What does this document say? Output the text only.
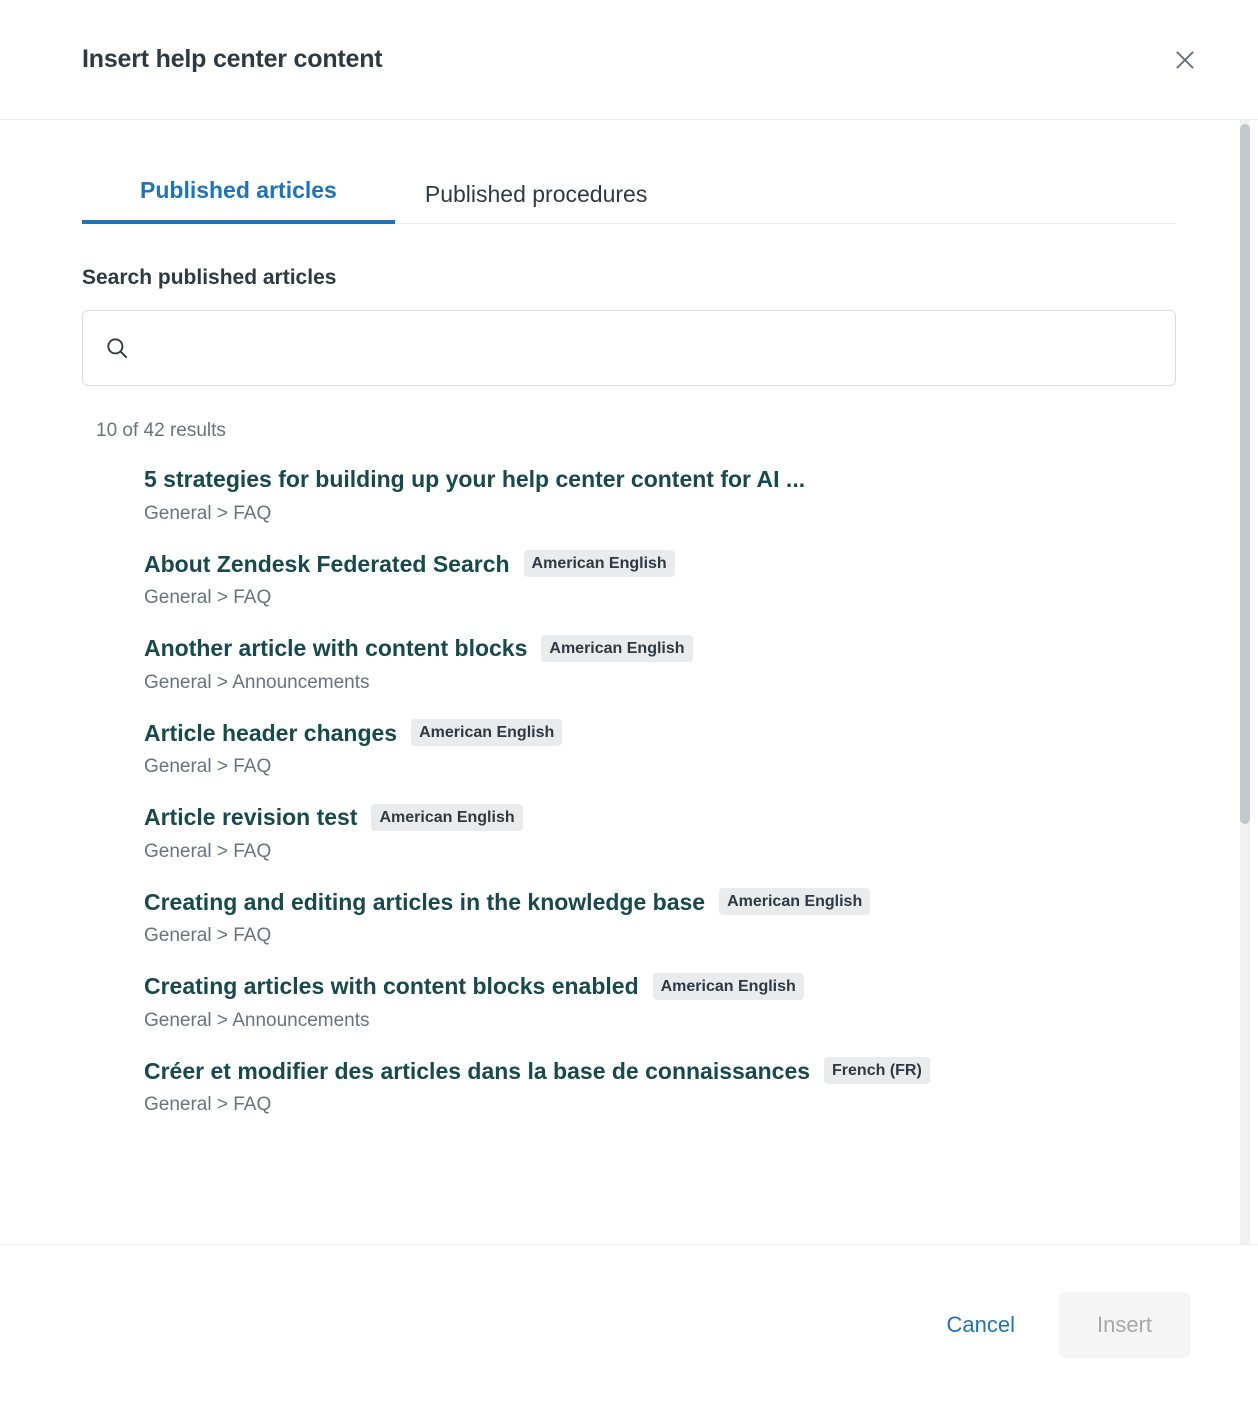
Insert help center content
Published articles	Published procedures
Search published articles
10 of 42 results
5 strategies for building up your help center content for AI ...
General > FAQ
About Zendesk Federated Search	American English
General > FAQ
Another article with content blocks	American English
General > Announcements
Article header changes	American English
General > FAQ
Article revision test	American English
General > FAQ
Creating and editing articles in the knowledge base	American English
General > FAQ
Creating articles with content blocks enabled	American English
General > Announcements
Créer et modifier des articles dans la base de connaissances	French (FR)
General > FAQ
Cancel	Insert
